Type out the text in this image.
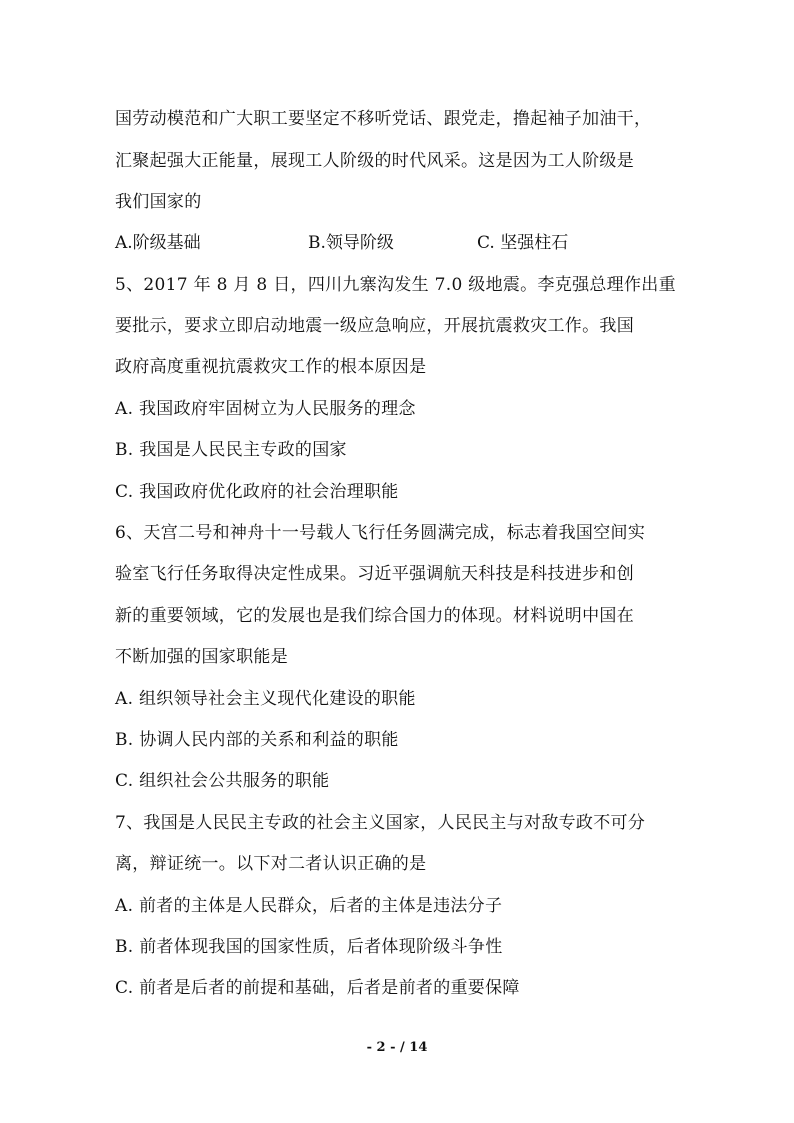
国劳动模范和广大职工要坚定不移听党话、跟党走，撸起袖子加油干，
汇聚起强大正能量，展现工人阶级的时代风采。这是因为工人阶级是
我们国家的
A.阶级基础	B.领导阶级	C. 坚强柱石
5、2017 年 8 月 8 日，四川九寨沟发生 7.0 级地震。李克强总理作出重
要批示，要求立即启动地震一级应急响应，开展抗震救灾工作。我国
政府高度重视抗震救灾工作的根本原因是
A. 我国政府牢固树立为人民服务的理念
B. 我国是人民民主专政的国家
C. 我国政府优化政府的社会治理职能
6、天宫二号和神舟十一号载人飞行任务圆满完成，标志着我国空间实
验室飞行任务取得决定性成果。习近平强调航天科技是科技进步和创
新的重要领域，它的发展也是我们综合国力的体现。材料说明中国在
不断加强的国家职能是
A. 组织领导社会主义现代化建设的职能
B. 协调人民内部的关系和利益的职能
C. 组织社会公共服务的职能
7、我国是人民民主专政的社会主义国家，人民民主与对敌专政不可分
离，辩证统一。以下对二者认识正确的是
A. 前者的主体是人民群众，后者的主体是违法分子
B. 前者体现我国的国家性质，后者体现阶级斗争性
C. 前者是后者的前提和基础，后者是前者的重要保障
- 2 - / 14
